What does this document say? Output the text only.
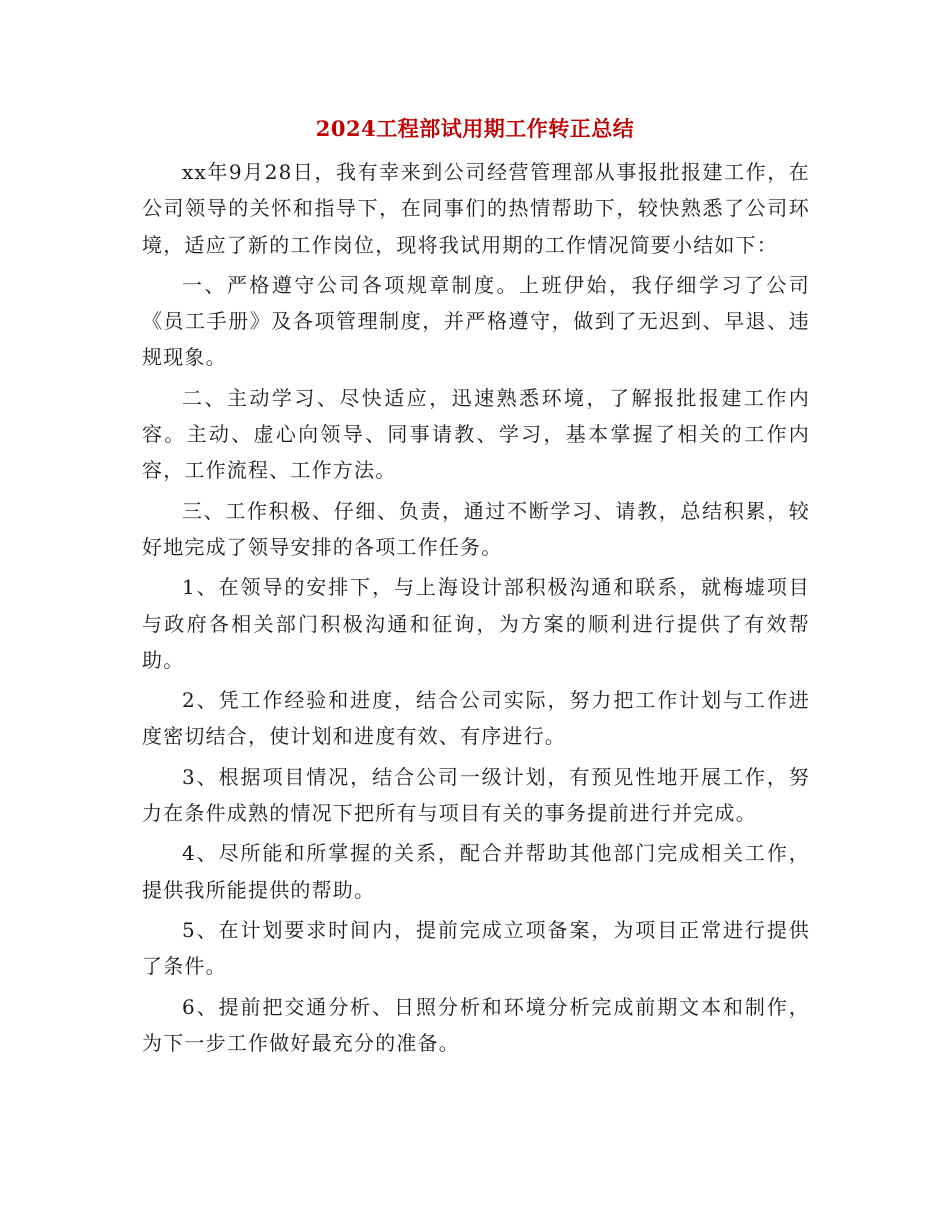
2024工程部试用期工作转正总结

xx年9月28日，我有幸来到公司经营管理部从事报批报建工作，在公司领导的关怀和指导下，在同事们的热情帮助下，较快熟悉了公司环境，适应了新的工作岗位，现将我试用期的工作情况简要小结如下：

一、严格遵守公司各项规章制度。上班伊始，我仔细学习了公司《员工手册》及各项管理制度，并严格遵守，做到了无迟到、早退、违规现象。

二、主动学习、尽快适应，迅速熟悉环境，了解报批报建工作内容。主动、虚心向领导、同事请教、学习，基本掌握了相关的工作内容，工作流程、工作方法。

三、工作积极、仔细、负责，通过不断学习、请教，总结积累，较好地完成了领导安排的各项工作任务。

1、在领导的安排下，与上海设计部积极沟通和联系，就梅墟项目与政府各相关部门积极沟通和征询，为方案的顺利进行提供了有效帮助。

2、凭工作经验和进度，结合公司实际，努力把工作计划与工作进度密切结合，使计划和进度有效、有序进行。

3、根据项目情况，结合公司一级计划，有预见性地开展工作，努力在条件成熟的情况下把所有与项目有关的事务提前进行并完成。

4、尽所能和所掌握的关系，配合并帮助其他部门完成相关工作，提供我所能提供的帮助。

5、在计划要求时间内，提前完成立项备案，为项目正常进行提供了条件。

6、提前把交通分析、日照分析和环境分析完成前期文本和制作，为下一步工作做好最充分的准备。
